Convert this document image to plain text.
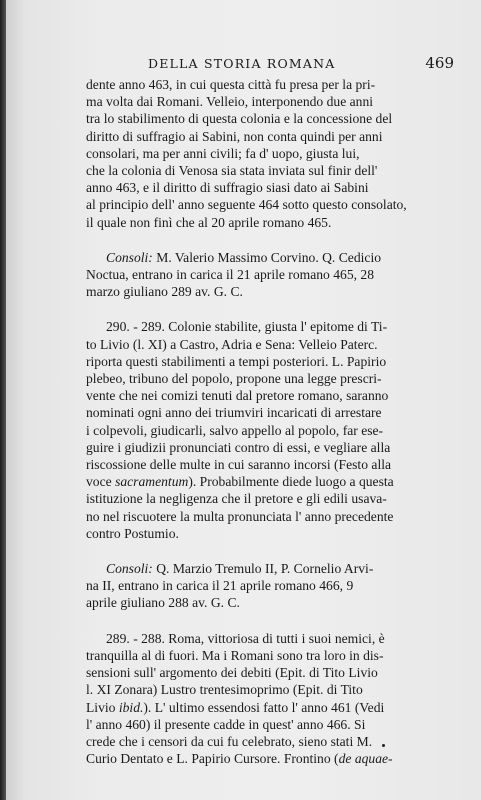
DELLA STORIA ROMANA	469

dente anno 463, in cui questa città fu presa per la pri-
ma volta dai Romani. Velleio, interponendo due anni
tra lo stabilimento di questa colonia e la concessione del
diritto di suffragio ai Sabini, non conta quindi per anni
consolari, ma per anni civili; fa d' uopo, giusta lui,
che la colonia di Venosa sia stata inviata sul finir dell'
anno 463, e il diritto di suffragio siasi dato ai Sabini
al principio dell' anno seguente 464 sotto questo consolato,
il quale non finì che al 20 aprile romano 465.

Consoli: M. Valerio Massimo Corvino. Q. Cedicio
Noctua, entrano in carica il 21 aprile romano 465, 28
marzo giuliano 289 av. G. C.

290. - 289. Colonie stabilite, giusta l' epitome di Ti-
to Livio (l. XI) a Castro, Adria e Sena: Velleio Paterc.
riporta questi stabilimenti a tempi posteriori. L. Papirio
plebeo, tribuno del popolo, propone una legge prescri-
vente che nei comizi tenuti dal pretore romano, saranno
nominati ogni anno dei triumviri incaricati di arrestare
i colpevoli, giudicarli, salvo appello al popolo, far ese-
guire i giudizii pronunciati contro di essi, e vegliare alla
riscossione delle multe in cui saranno incorsi (Festo alla
voce sacramentum). Probabilmente diede luogo a questa
istituzione la negligenza che il pretore e gli edili usava-
no nel riscuotere la multa pronunciata l' anno precedente
contro Postumio.

Consoli: Q. Marzio Tremulo II, P. Cornelio Arvi-
na II, entrano in carica il 21 aprile romano 466, 9
aprile giuliano 288 av. G. C.

289. - 288. Roma, vittoriosa di tutti i suoi nemici, è
tranquilla al di fuori. Ma i Romani sono tra loro in dis-
sensioni sull' argomento dei debiti (Epit. di Tito Livio
l. XI Zonara) Lustro trentesimoprimo (Epit. di Tito
Livio ibid.). L' ultimo essendosi fatto l' anno 461 (Vedi
l' anno 460) il presente cadde in quest' anno 466. Si
crede che i censori da cui fu celebrato, sieno stati M.
Curio Dentato e L. Papirio Cursore. Frontino (de aquae-
